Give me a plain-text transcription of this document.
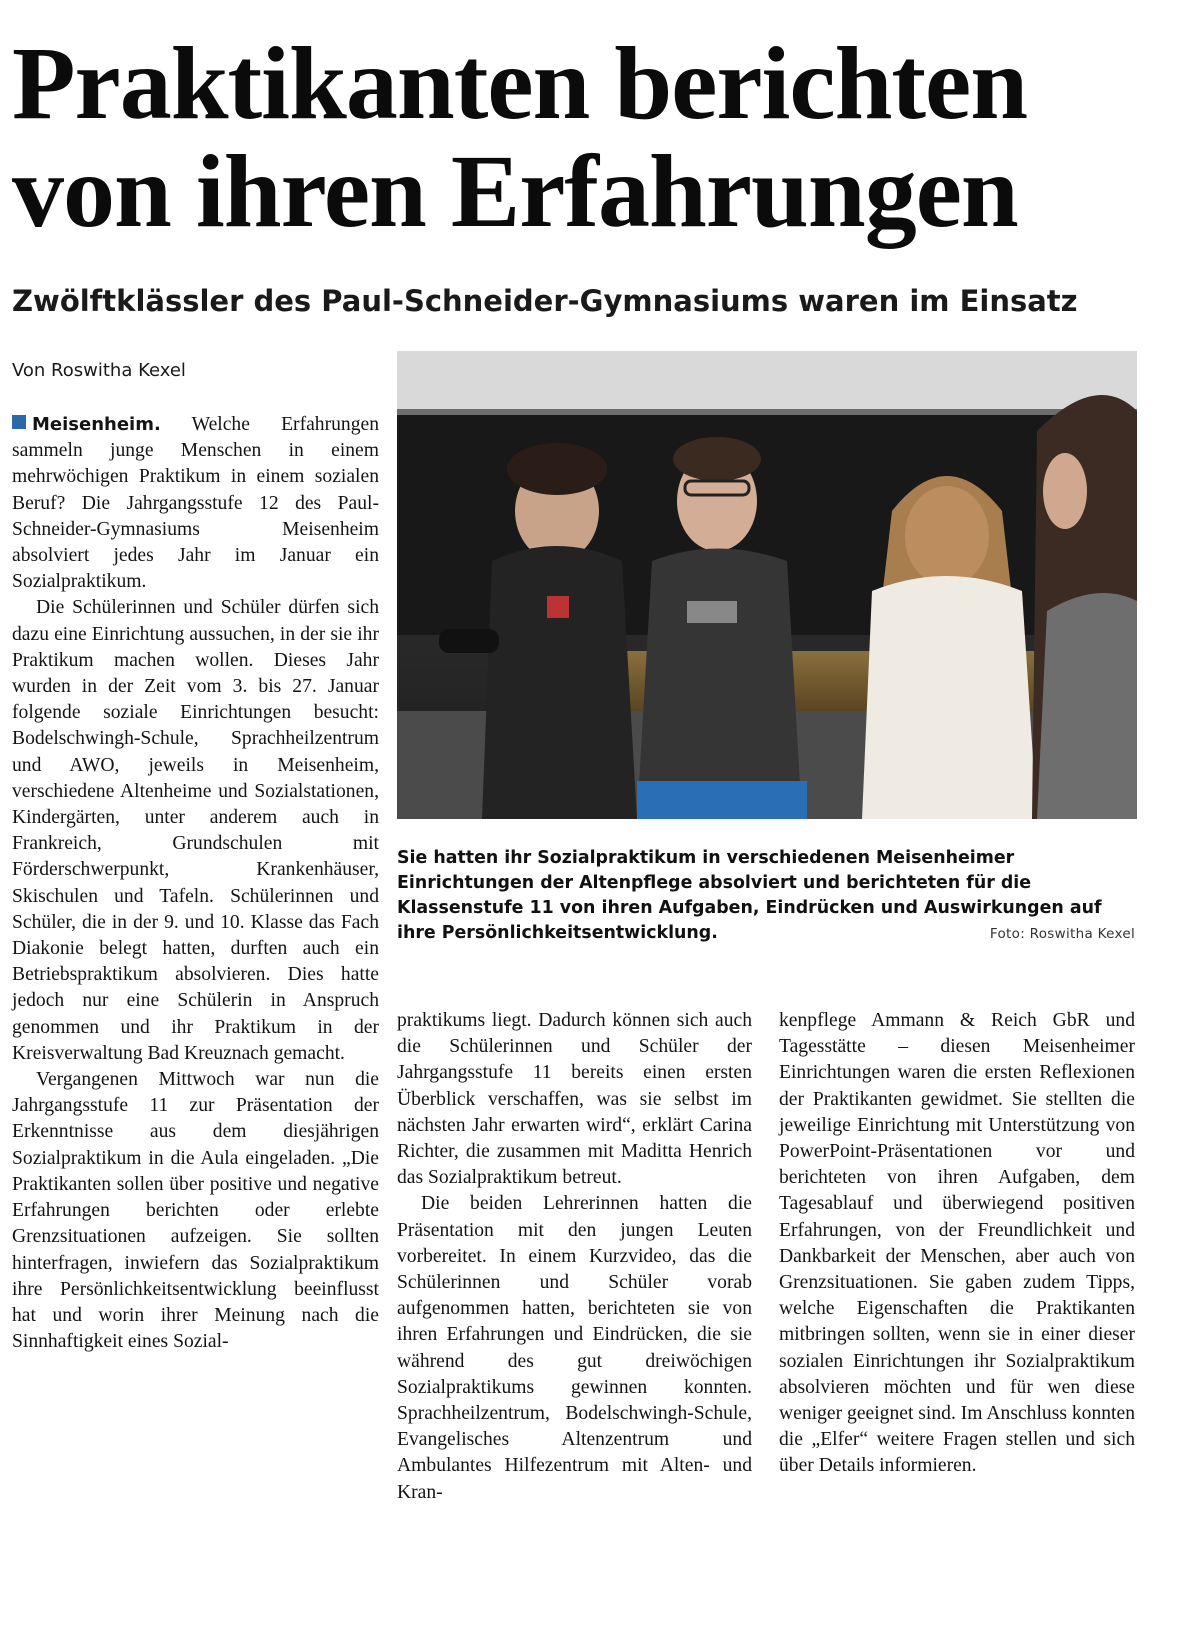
Praktikanten berichten
von ihren Erfahrungen
Zwölftklässler des Paul-Schneider-Gymnasiums waren im Einsatz
Von Roswitha Kexel

Meisenheim. Welche Erfahrungen sammeln junge Menschen in einem mehrwöchigen Praktikum in einem sozialen Beruf? Die Jahrgangsstufe 12 des Paul-Schneider-Gymnasiums Meisenheim absolviert jedes Jahr im Januar ein Sozialpraktikum.

Die Schülerinnen und Schüler dürfen sich dazu eine Einrichtung aussuchen, in der sie ihr Praktikum machen wollen. Dieses Jahr wurden in der Zeit vom 3. bis 27. Januar folgende soziale Einrichtungen besucht: Bodelschwingh-Schule, Sprachheilzentrum und AWO, jeweils in Meisenheim, verschiedene Altenheime und Sozialstationen, Kindergärten, unter anderem auch in Frankreich, Grundschulen mit Förderschwerpunkt, Krankenhäuser, Skischulen und Tafeln. Schülerinnen und Schüler, die in der 9. und 10. Klasse das Fach Diakonie belegt hatten, durften auch ein Betriebspraktikum absolvieren. Dies hatte jedoch nur eine Schülerin in Anspruch genommen und ihr Praktikum in der Kreisverwaltung Bad Kreuznach gemacht.

Vergangenen Mittwoch war nun die Jahrgangsstufe 11 zur Präsentation der Erkenntnisse aus dem diesjährigen Sozialpraktikum in die Aula eingeladen. „Die Praktikanten sollen über positive und negative Erfahrungen berichten oder erlebte Grenzsituationen aufzeigen. Sie sollten hinterfragen, inwiefern das Sozialpraktikum ihre Persönlichkeitsentwicklung beeinflusst hat und worin ihrer Meinung nach die Sinnhaftigkeit eines Sozial-

Sie hatten ihr Sozialpraktikum in verschiedenen Meisenheimer Einrichtungen der Altenpflege absolviert und berichteten für die Klassenstufe 11 von ihren Aufgaben, Eindrücken und Auswirkungen auf ihre Persönlichkeitsentwicklung.	Foto: Roswitha Kexel

praktikums liegt. Dadurch können sich auch die Schülerinnen und Schüler der Jahrgangsstufe 11 bereits einen ersten Überblick verschaffen, was sie selbst im nächsten Jahr erwarten wird“, erklärt Carina Richter, die zusammen mit Maditta Henrich das Sozialpraktikum betreut.

Die beiden Lehrerinnen hatten die Präsentation mit den jungen Leuten vorbereitet. In einem Kurzvideo, das die Schülerinnen und Schüler vorab aufgenommen hatten, berichteten sie von ihren Erfahrungen und Eindrücken, die sie während des gut dreiwöchigen Sozialpraktikums gewinnen konnten. Sprachheilzentrum, Bodelschwingh-Schule, Evangelisches Altenzentrum und Ambulantes Hilfezentrum mit Alten- und Kran-

kenpflege Ammann & Reich GbR und Tagesstätte – diesen Meisenheimer Einrichtungen waren die ersten Reflexionen der Praktikanten gewidmet. Sie stellten die jeweilige Einrichtung mit Unterstützung von PowerPoint-Präsentationen vor und berichteten von ihren Aufgaben, dem Tagesablauf und überwiegend positiven Erfahrungen, von der Freundlichkeit und Dankbarkeit der Menschen, aber auch von Grenzsituationen. Sie gaben zudem Tipps, welche Eigenschaften die Praktikanten mitbringen sollten, wenn sie in einer dieser sozialen Einrichtungen ihr Sozialpraktikum absolvieren möchten und für wen diese weniger geeignet sind. Im Anschluss konnten die „Elfer“ weitere Fragen stellen und sich über Details informieren.
